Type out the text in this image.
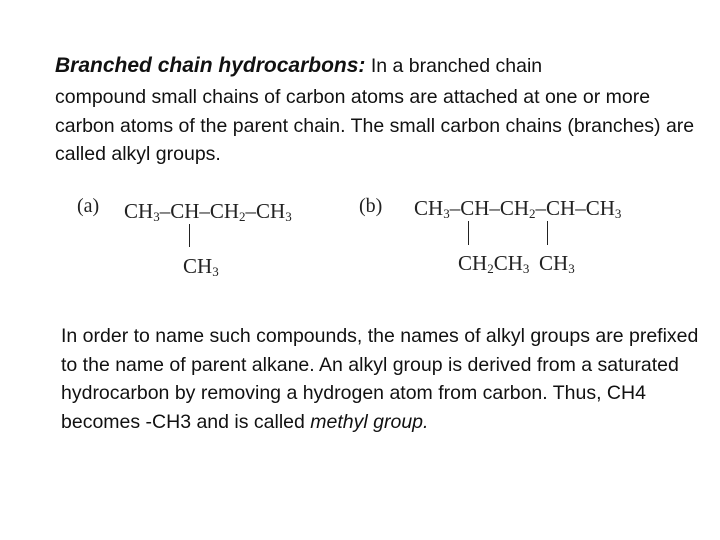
Branched chain hydrocarbons: In a branched chain
compound small chains of carbon atoms are attached at one or more carbon atoms of the parent chain. The small carbon chains (branches) are called alkyl groups.

(a) $CH_3-CH-CH_2-CH_3$
$CH_3$
(b) $CH_3-CH-CH_2-CH-CH_3$
$CH_2CH_3$ $CH_3$

In order to name such compounds, the names of alkyl groups are prefixed to the name of parent alkane. An alkyl group is derived from a saturated hydrocarbon by removing a hydrogen atom from carbon. Thus, CH4 becomes -CH3 and is called methyl group.
